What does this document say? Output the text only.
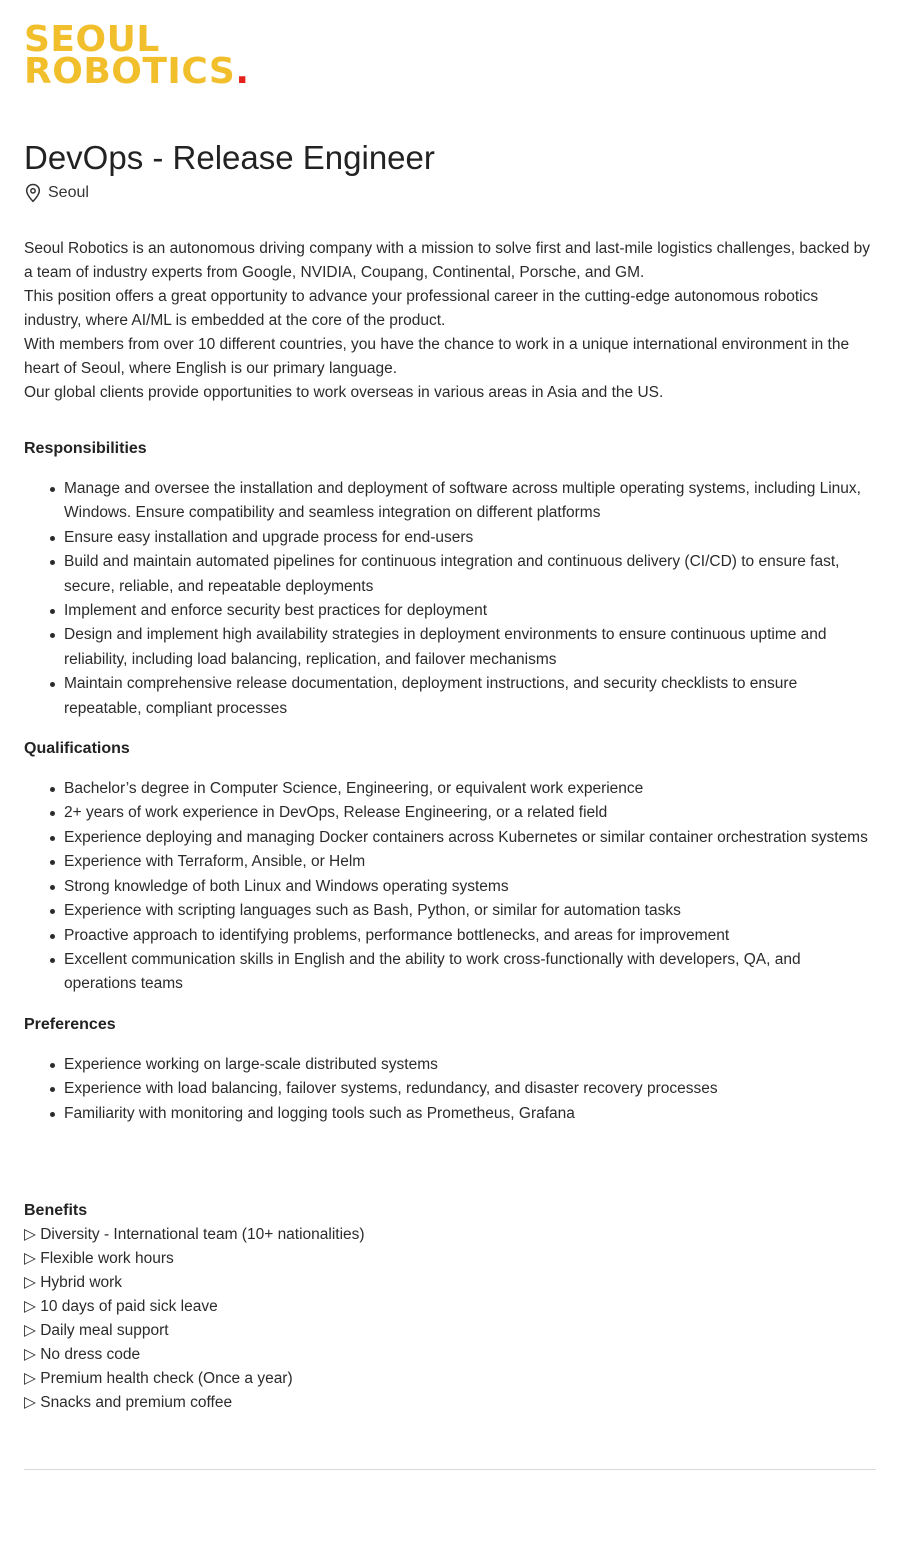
SEOUL
ROBOTICS.
DevOps - Release Engineer
Seoul

Seoul Robotics is an autonomous driving company with a mission to solve first and last-mile logistics challenges, backed by a team of industry experts from Google, NVIDIA, Coupang, Continental, Porsche, and GM.

This position offers a great opportunity to advance your professional career in the cutting-edge autonomous robotics industry, where AI/ML is embedded at the core of the product.

With members from over 10 different countries, you have the chance to work in a unique international environment in the heart of Seoul, where English is our primary language.

Our global clients provide opportunities to work overseas in various areas in Asia and the US.

Responsibilities
Manage and oversee the installation and deployment of software across multiple operating systems, including Linux, Windows. Ensure compatibility and seamless integration on different platforms
Ensure easy installation and upgrade process for end-users
Build and maintain automated pipelines for continuous integration and continuous delivery (CI/CD) to ensure fast, secure, reliable, and repeatable deployments
Implement and enforce security best practices for deployment
Design and implement high availability strategies in deployment environments to ensure continuous uptime and reliability, including load balancing, replication, and failover mechanisms
Maintain comprehensive release documentation, deployment instructions, and security checklists to ensure repeatable, compliant processes
Qualifications
Bachelor’s degree in Computer Science, Engineering, or equivalent work experience
2+ years of work experience in DevOps, Release Engineering, or a related field
Experience deploying and managing Docker containers across Kubernetes or similar container orchestration systems
Experience with Terraform, Ansible, or Helm
Strong knowledge of both Linux and Windows operating systems
Experience with scripting languages such as Bash, Python, or similar for automation tasks
Proactive approach to identifying problems, performance bottlenecks, and areas for improvement
Excellent communication skills in English and the ability to work cross-functionally with developers, QA, and operations teams
Preferences
Experience working on large-scale distributed systems
Experience with load balancing, failover systems, redundancy, and disaster recovery processes
Familiarity with monitoring and logging tools such as Prometheus, Grafana
Benefits
▷ Diversity - International team (10+ nationalities)
▷ Flexible work hours
▷ Hybrid work
▷ 10 days of paid sick leave
▷ Daily meal support
▷ No dress code
▷ Premium health check (Once a year)
▷ Snacks and premium coffee
